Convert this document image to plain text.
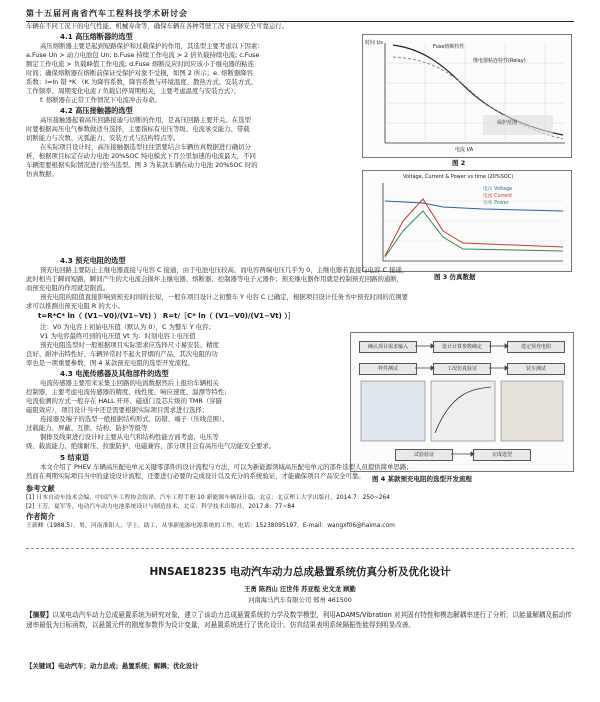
第十五届河南省汽车工程科技学术研讨会
车辆在不同工况下的电气性能、机械寿命等，确保车辆在各种驾驶工况下能够安全可靠运行。
4.1 高压熔断器的选型
高压熔断器主要是起到短路保护和过载保护的作用，其选型主要考虑以下因素：
a.Fuse Un > 动力电池包 Un; b.Fuse 持续工作电流 > 2 倍负载持续电流; c.Fuse
额定工作电流 > 负载峰值工作电流; d.Fuse 熔断反应时间应该小于继电器的粘连
时间；确保熔断器在熔断前保证受保护对象不受损，如图 2 所示；e. 熔断器降容
系数：I=In 错 *K （K 为降容系数，降容系数与环境温度、散热方式、安装方式、
工作频率、周期变化电流 / 负载启停周期相关，主要考虑温度与安装方式）；
f. 熔断器在正常工作情况下电流冲击寿命。
4.2 高压接触器的选型
高压接触器起着高压回路接通与切断的作用，是高压回路主要开关。在选型
时要根据高压电气参数做适当选择，主要指标有电压等级、电流承受能力、带载
切断能力与次数、灭弧能力、安装方式与结构特点等。
在实际项目设计时，高压接触器选型往往需要结合车辆仿真数据进行确切分
析，根据项目标定在动力电池 20%SOC 纯电模式下百公里加速的电流最大，不同
车辆需要根据实际情况进行恰当选型。图 3 为某款车辆在动力电池 20%SOC 时的
仿真数据。
Fuse熔断特性
继电器粘连特性(Relay)
保护范围
电流 I/A
时间 t/s
图 2
Voltage, Current & Power vs time (20%SOC)
电压 Voltage
电流 Current
功率 Power
图 3 仿真数据
4.3 预充电阻的选型
预充电回路主要防止主继电器直接与电容 C 接通，由于电池电压较高，而电容两端电压几乎为 0，主继电器若直接与电容 C 接通，
此时相当于瞬间短路，瞬间产生的大电流会损坏主继电器、熔断器、控制器等电子元器件；预充继电器作用就是控制预充回路的通断，
而预充电阻的作用就是限流。
预充电阻的阻值直接影响到预充时间的长短，一般在项目设计之初整车 Y 电容 C 已确定，根据项目设计任务书中预充时间的范围要
求可以推测出预充电阻 R 的大小。
t=R*C* ln（ (V1−V0)/(V1−Vt) ） R=t/［C* ln（ (V1−V0)/(V1−Vt) ）］
注：V0 为电容上初始电压值（默认为 0），C 为整车 Y 电容；
V1 为电容最终可到的电压值 Vt 为：时刻电容上电压值
预充电阻选型时一般根据项目实际需求应选择尺寸易安装、精度
良好、耐冲击特性好、车辆异常时不起火冒烟的产品，其次电阻的功
率也是一项重要参数，图 4 某款预充电阻的选型开发流程。
4.3 电流传感器及其他部件的选型
电流传感器主要用来采集主回路的电流数据然后上报给车辆相关
控制器，主要考虑电流传感器的精度、线性度、响应速度、温漂等特性；
电流检测的方式一般存在 HALL 开环、磁通门及芯片级的 TMR（穿隧
磁阻效应），项目设计当中还是需要根据实际项目需求进行选择；
连接器及端子的选型一般根据结构形式、防错、端子（压线范围）、
过载能力、屏蔽、互锁、结构、防护等级等
铜排及线束进行设计时主要从电气和结构性能方面考虑，电压等
级、载流能力、绝缘耐压、拉脱防护、电磁兼容，部分项目会有高压电气功能安全要求。
确认项目需求输入	设计计算参数确定	选定预充电阻
样件测试	工况仿真验证	装车测试
试验验证	完成选型
图 4 某款预充电阻的选型开发流程
5 结束语
本文介绍了 PHEV 车辆高压配电单元关键零部件的设计流程与方法，可以为新能源领域高压配电单元的部件选型人员提供简单思路；
然而在判期实际项目当中的建设设计流程，还要进行必要的完成设计以及充分的系统验证，才能确保项目产品安全可靠。
参考文献
[1] 日本自动车技术会编，中国汽车工程协会组译，汽车工程手册 10 新能源车辆设计篇，北京：北京理工大学出版社，2014.7：250~264
[2] 王芳，夏军等，电动汽车动力电池系统设计与制造技术，北京：科学技术出版社，2017.8：77~84
作者简介
王新峰（1988.5），男，河南淮阳人，学士，助工，从事新能源电源系统的工作，电话：15238095197，E-mail：wangxf06@haima.com
HNSAE18235 电动汽车动力总成悬置系统仿真分析及优化设计
王勇 陈西山 汪世伟 苏亚程 史文龙 顾勤
河南海马汽车有限公司 郑州 461500
【摘要】以某电动汽车动力总成悬置系统为研究对象，建立了该动力总成悬置系统的力学及数学模型，利用ADAMS/Vibration 对其固有特性和模态解耦率进行了分析，以能量解耦及振动传递率最低为目标函数，以悬置元件的刚度参数作为设计变量，对悬置系统进行了优化设计。仿真结果表明系统隔振性能得到明显改善。
【关键词】电动汽车；动力总成；悬置系统；解耦；优化设计
